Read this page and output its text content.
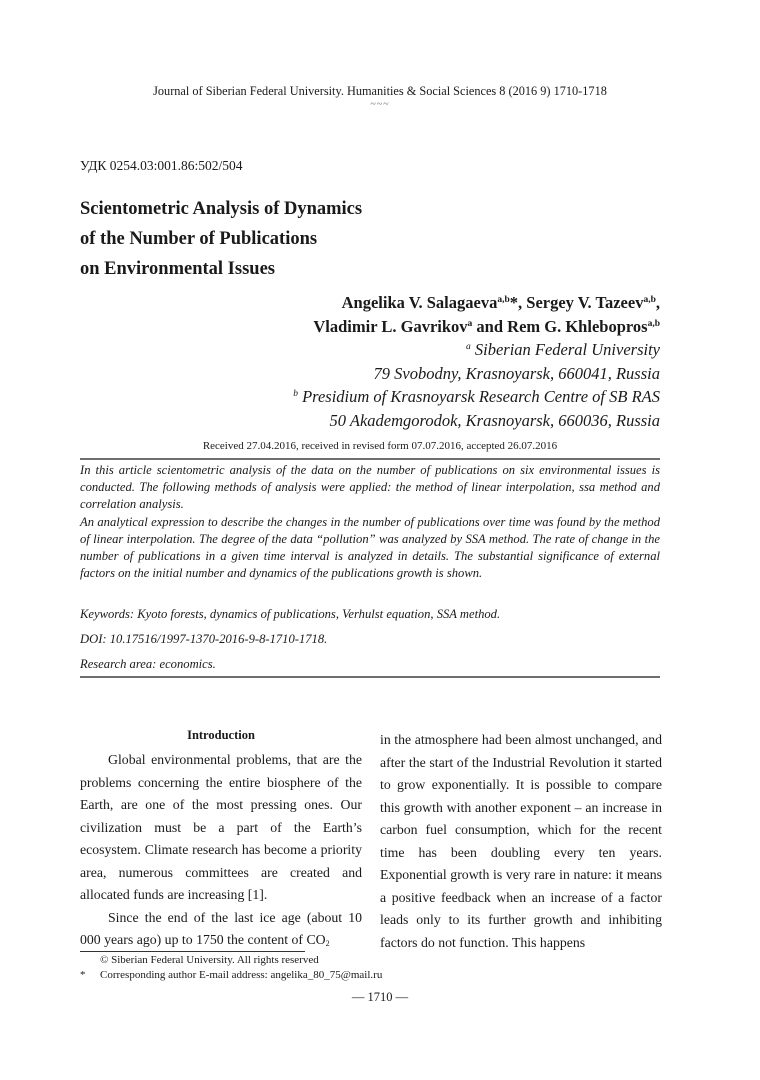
Journal of Siberian Federal University. Humanities & Social Sciences 8 (2016 9) 1710-1718
~~~
УДК 0254.03:001.86:502/504
Scientometric Analysis of Dynamics
of the Number of Publications
on Environmental Issues
Angelika V. Salagaeva$^{a,b}$*, Sergey V. Tazeev$^{a,b}$,
Vladimir L. Gavrikov$^a$ and Rem G. Khlebopros$^{a,b}$
$^a$ Siberian Federal University
79 Svobodny, Krasnoyarsk, 660041, Russia
$^b$ Presidium of Krasnoyarsk Research Centre of SB RAS
50 Akademgorodok, Krasnoyarsk, 660036, Russia
Received 27.04.2016, received in revised form 07.07.2016, accepted 26.07.2016

In this article scientometric analysis of the data on the number of publications on six environmental issues is conducted. The following methods of analysis were applied: the method of linear interpolation, ssa method and correlation analysis.

An analytical expression to describe the changes in the number of publications over time was found by the method of linear interpolation. The degree of the data “pollution” was analyzed by SSA method. The rate of change in the number of publications in a given time interval is analyzed in details. The substantial significance of external factors on the initial number and dynamics of the publications growth is shown.

Keywords: Kyoto forests, dynamics of publications, Verhulst equation, SSA method.
DOI: 10.17516/1997-1370-2016-9-8-1710-1718.
Research area: economics.

Introduction

Global environmental problems, that are the problems concerning the entire biosphere of the Earth, are one of the most pressing ones. Our civilization must be a part of the Earth’s ecosystem. Climate research has become a priority area, numerous committees are created and allocated funds are increasing [1].

Since the end of the last ice age (about 10 000 years ago) up to 1750 the content of $CO_2$

in the atmosphere had been almost unchanged, and after the start of the Industrial Revolution it started to grow exponentially. It is possible to compare this growth with another exponent – an increase in carbon fuel consumption, which for the recent time has been doubling every ten years. Exponential growth is very rare in nature: it means a positive feedback when an increase of a factor leads only to its further growth and inhibiting factors do not function. This happens

© Siberian Federal University. All rights reserved
*	Corresponding author E-mail address: angelika_80_75@mail.ru
— 1710 —
